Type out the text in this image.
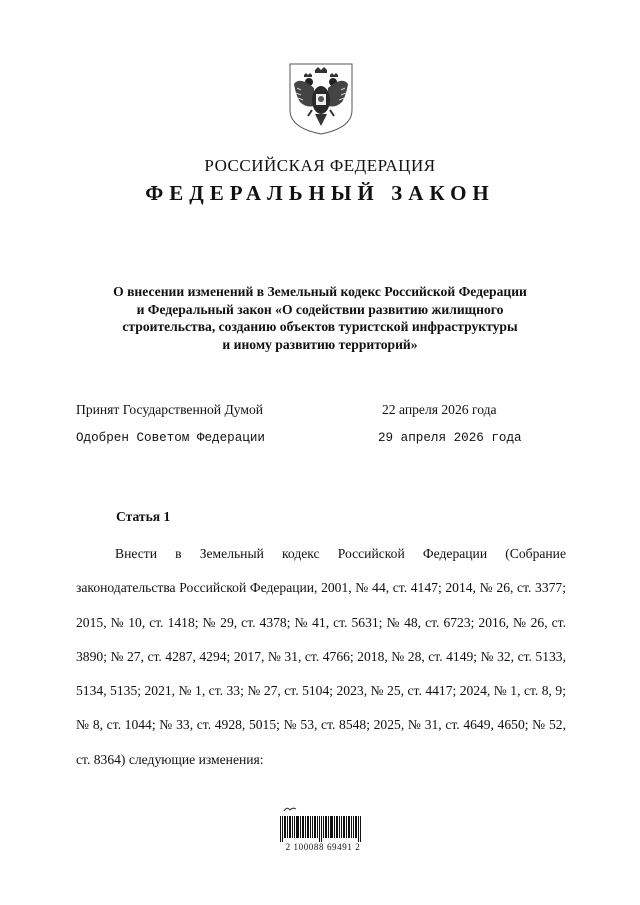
РОССИЙСКАЯ ФЕДЕРАЦИЯ
ФЕДЕРАЛЬНЫЙ ЗАКОН
О внесении изменений в Земельный кодекс Российской Федерации
и Федеральный закон «О содействии развитию жилищного
строительства, созданию объектов туристской инфраструктуры
и иному развитию территорий»
Принят Государственной Думой	22 апреля 2026 года
Одобрен Советом Федерации	29 апреля 2026 года
Статья 1

Внести в Земельный кодекс Российской Федерации (Собрание законодательства Российской Федерации, 2001, № 44, ст. 4147; 2014, № 26, ст. 3377; 2015, № 10, ст. 1418; № 29, ст. 4378; № 41, ст. 5631; № 48, ст. 6723; 2016, № 26, ст. 3890; № 27, ст. 4287, 4294; 2017, № 31, ст. 4766; 2018, № 28, ст. 4149; № 32, ст. 5133, 5134, 5135; 2021, № 1, ст. 33; № 27, ст. 5104; 2023, № 25, ст. 4417; 2024, № 1, ст. 8, 9; № 8, ст. 1044; № 33, ст. 4928, 5015; № 53, ст. 8548; 2025, № 31, ст. 4649, 4650; № 52, ст. 8364) следующие изменения:

2 100088 69491 2
